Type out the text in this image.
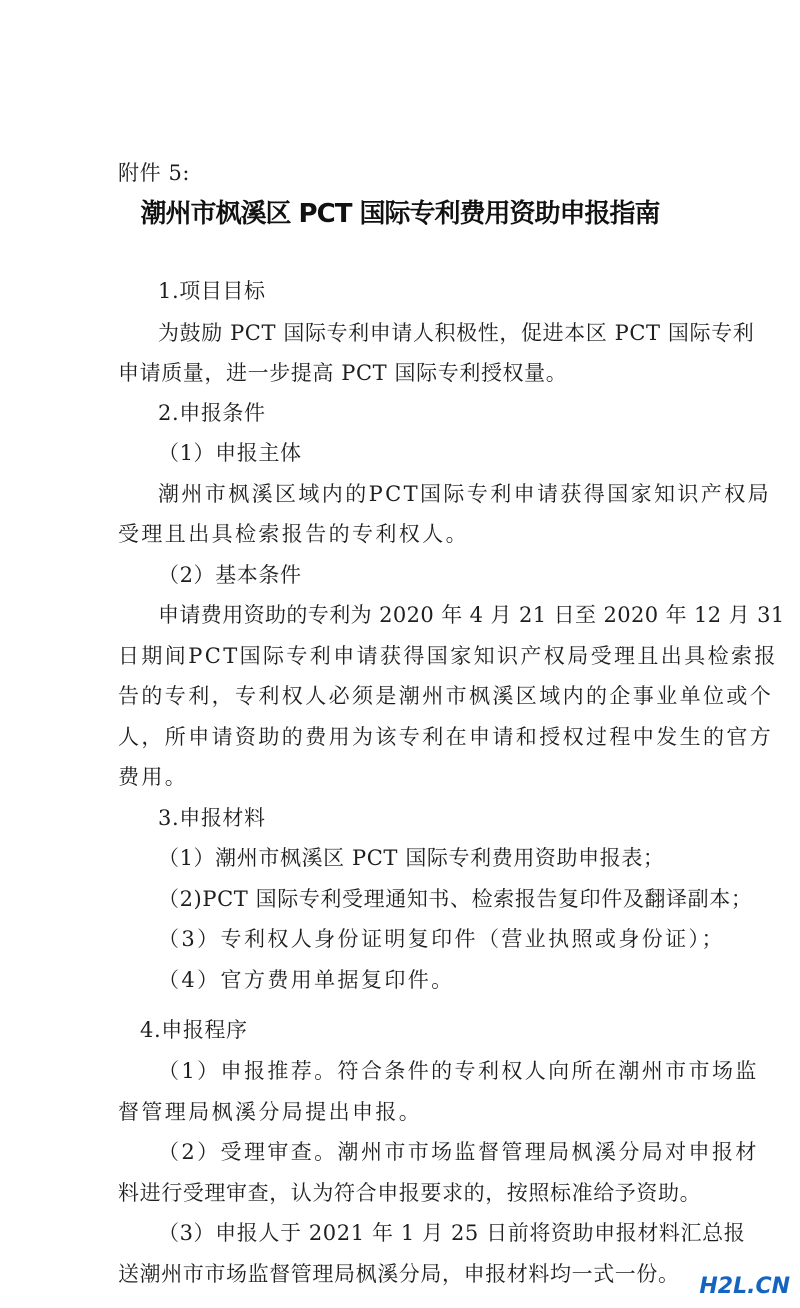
附件 5:
潮州市枫溪区 PCT 国际专利费用资助申报指南
1.项目目标
为鼓励 PCT 国际专利申请人积极性，促进本区 PCT 国际专利
申请质量，进一步提高 PCT 国际专利授权量。
2.申报条件
（1）申报主体
潮州市枫溪区域内的PCT国际专利申请获得国家知识产权局
受理且出具检索报告的专利权人。
（2）基本条件
申请费用资助的专利为 2020 年 4 月 21 日至 2020 年 12 月 31
日期间PCT国际专利申请获得国家知识产权局受理且出具检索报
告的专利，专利权人必须是潮州市枫溪区域内的企事业单位或个
人，所申请资助的费用为该专利在申请和授权过程中发生的官方
费用。
3.申报材料
（1）潮州市枫溪区 PCT 国际专利费用资助申报表；
（2)PCT 国际专利受理通知书、检索报告复印件及翻译副本；
（3）专利权人身份证明复印件（营业执照或身份证）；
（4）官方费用单据复印件。
4.申报程序
（1）申报推荐。符合条件的专利权人向所在潮州市市场监
督管理局枫溪分局提出申报。
（2）受理审查。潮州市市场监督管理局枫溪分局对申报材
料进行受理审查，认为符合申报要求的，按照标准给予资助。
（3）申报人于 2021 年 1 月 25 日前将资助申报材料汇总报
送潮州市市场监督管理局枫溪分局，申报材料均一式一份。 H2L.CN
